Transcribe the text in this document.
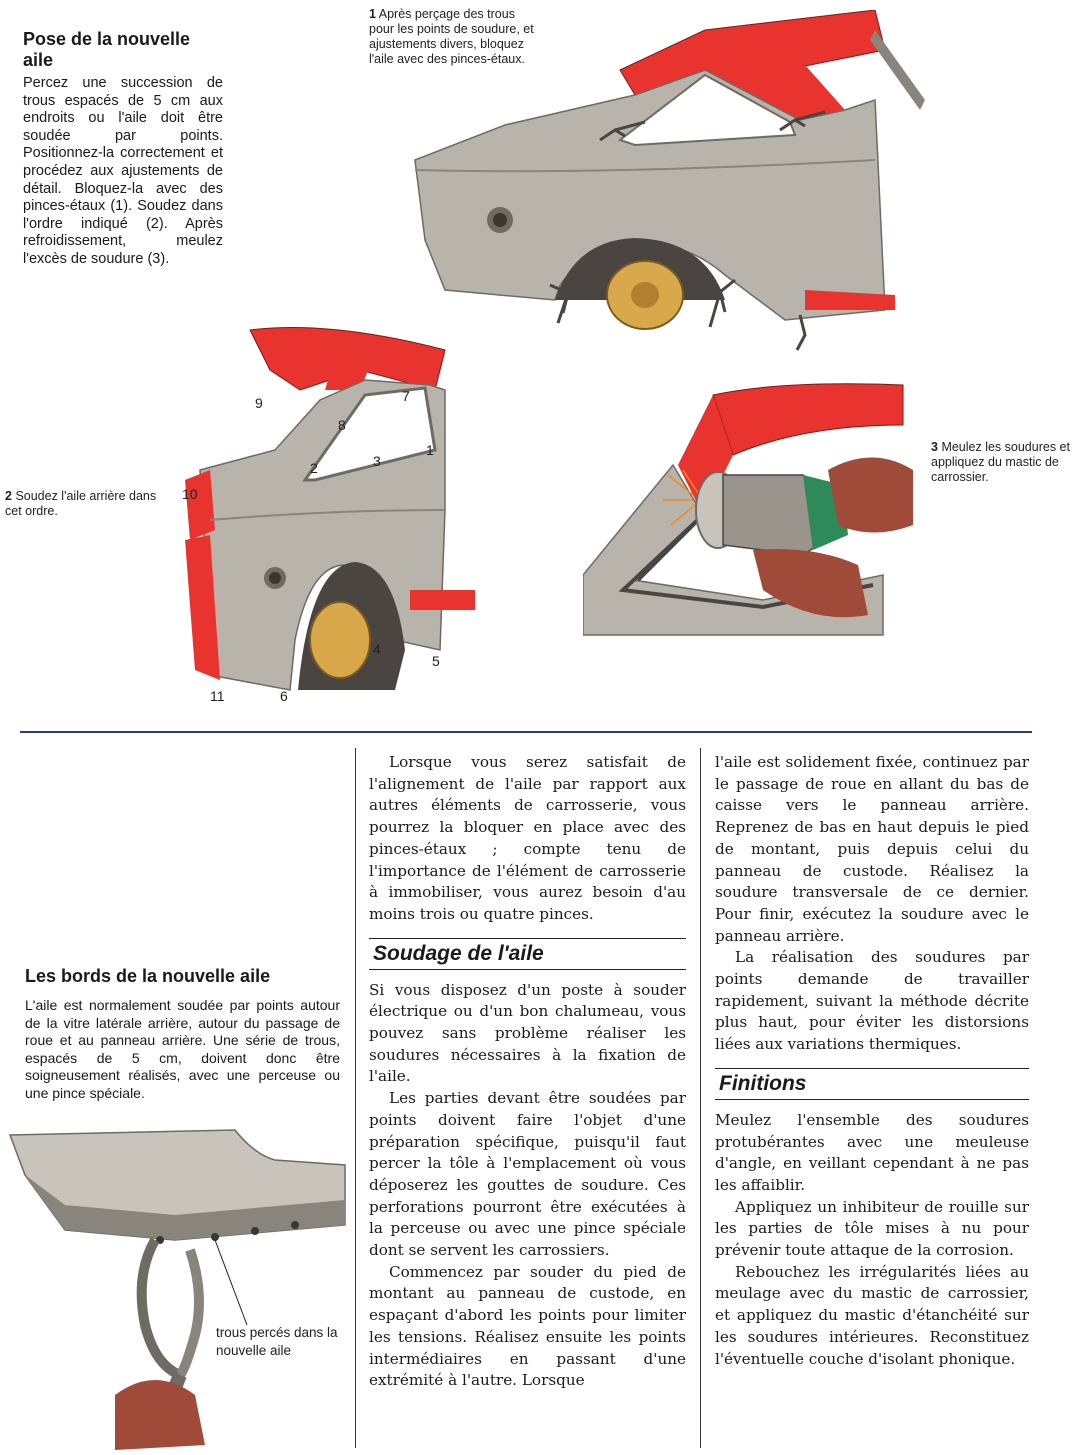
Pose de la nouvelle aile

Percez une succession de trous espacés de 5 cm aux endroits ou l'aile doit être soudée par points. Positionnez-la correctement et procédez aux ajustements de détail. Bloquez-la avec des pinces-étaux (1). Soudez dans l'ordre indiqué (2). Après refroidissement, meulez l'excès de soudure (3).

1 Après perçage des trous pour les points de soudure, et ajustements divers, bloquez l'aile avec des pinces-étaux.
9	7
8
1
3
2
10
4
5
11	6
2 Soudez l'aile arrière dans cet ordre.
3 Meulez les soudures et appliquez du mastic de carrossier.
Les bords de la nouvelle aile

L'aile est normalement soudée par points autour de la vitre latérale arrière, autour du passage de roue et au panneau arrière. Une série de trous, espacés de 5 cm, doivent donc être soigneusement réalisés, avec une perceuse ou une pince spéciale.

trous percés dans la nouvelle aile

Lorsque vous serez satisfait de l'alignement de l'aile par rapport aux autres éléments de carrosserie, vous pourrez la bloquer en place avec des pinces-étaux ; compte tenu de l'importance de l'élément de carrosserie à immobiliser, vous aurez besoin d'au moins trois ou quatre pinces.

Soudage de l'aile

Si vous disposez d'un poste à souder électrique ou d'un bon chalumeau, vous pouvez sans problème réaliser les soudures nécessaires à la fixation de l'aile.

Les parties devant être soudées par points doivent faire l'objet d'une préparation spécifique, puisqu'il faut percer la tôle à l'emplacement où vous déposerez les gouttes de soudure. Ces perforations pourront être exécutées à la perceuse ou avec une pince spéciale dont se servent les carrossiers.

Commencez par souder du pied de montant au panneau de custode, en espaçant d'abord les points pour limiter les tensions. Réalisez ensuite les points intermédiaires en passant d'une extrémité à l'autre. Lorsque

l'aile est solidement fixée, continuez par le passage de roue en allant du bas de caisse vers le panneau arrière. Reprenez de bas en haut depuis le pied de montant, puis depuis celui du panneau de custode. Réalisez la soudure transversale de ce dernier. Pour finir, exécutez la soudure avec le panneau arrière.

La réalisation des soudures par points demande de travailler rapidement, suivant la méthode décrite plus haut, pour éviter les distorsions liées aux variations thermiques.

Finitions

Meulez l'ensemble des soudures protubérantes avec une meuleuse d'angle, en veillant cependant à ne pas les affaiblir.

Appliquez un inhibiteur de rouille sur les parties de tôle mises à nu pour prévenir toute attaque de la corrosion.

Rebouchez les irrégularités liées au meulage avec du mastic de carrossier, et appliquez du mastic d'étanchéité sur les soudures intérieures. Reconstituez l'éventuelle couche d'isolant phonique.
